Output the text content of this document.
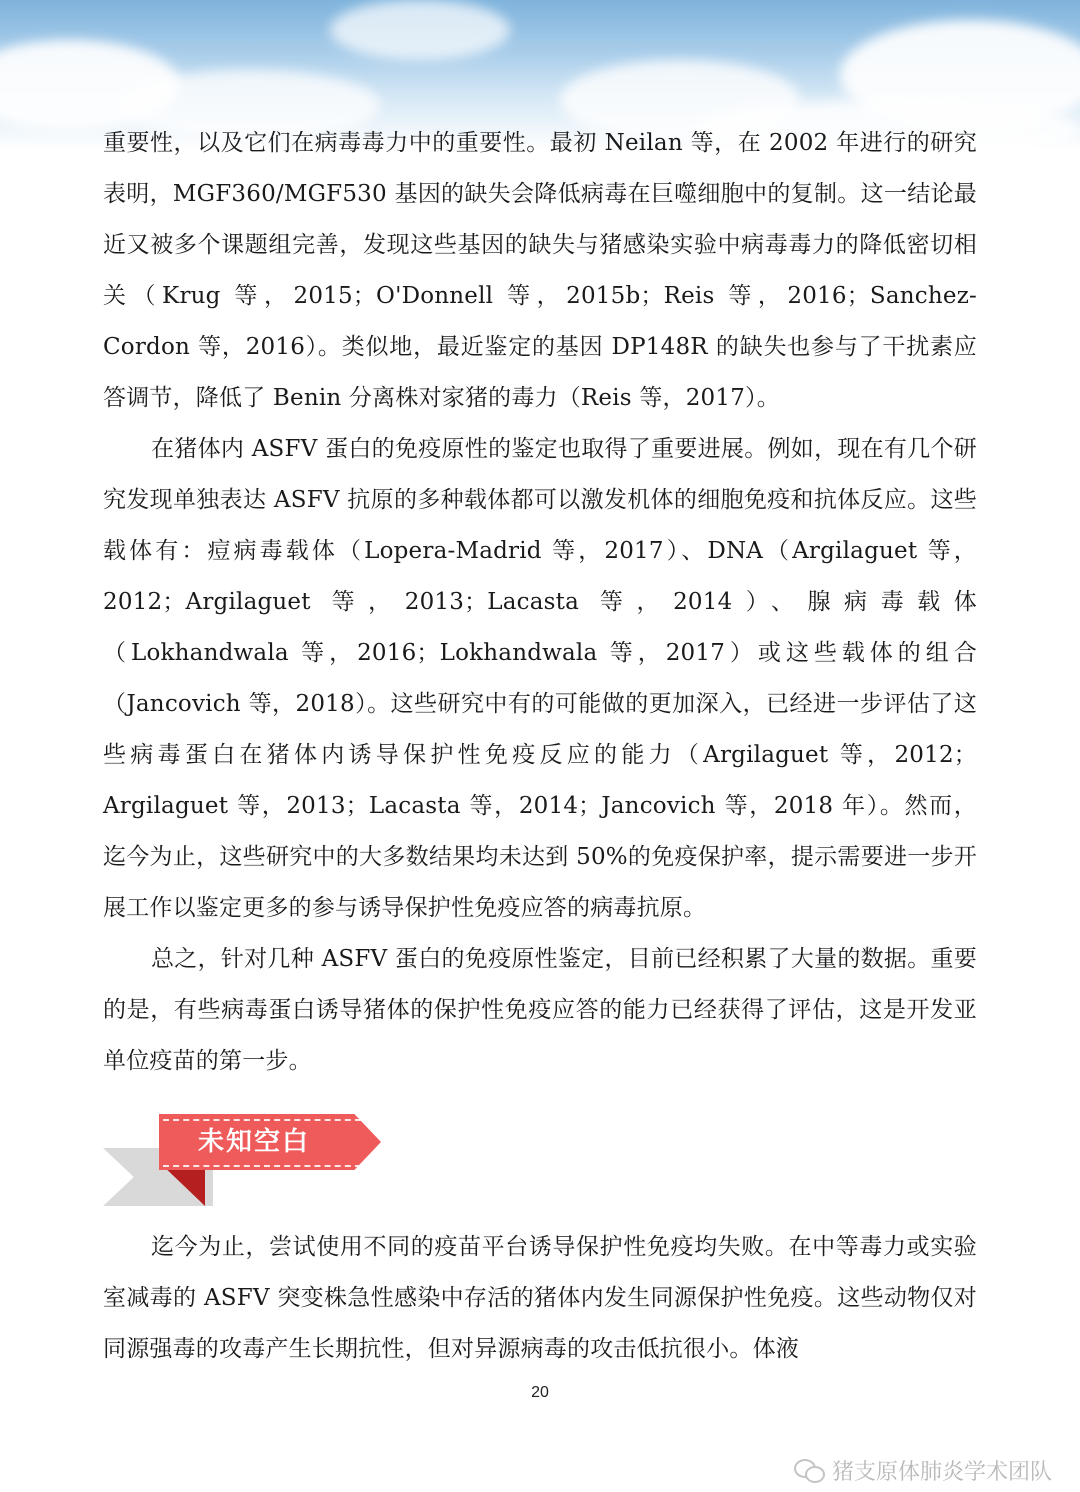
重要性，以及它们在病毒毒力中的重要性。最初 Neilan 等，在 2002 年进行的研究表明，MGF360/MGF530 基因的缺失会降低病毒在巨噬细胞中的复制。这一结论最近又被多个课题组完善，发现这些基因的缺失与猪感染实验中病毒毒力的降低密切相关（Krug 等，2015；O'Donnell 等，2015b；Reis 等，2016；Sanchez-Cordon 等，2016）。类似地，最近鉴定的基因 DP148R 的缺失也参与了干扰素应答调节，降低了 Benin 分离株对家猪的毒力（Reis 等，2017）。

在猪体内 ASFV 蛋白的免疫原性的鉴定也取得了重要进展。例如，现在有几个研究发现单独表达 ASFV 抗原的多种载体都可以激发机体的细胞免疫和抗体反应。这些载体有：痘病毒载体（Lopera-Madrid 等，2017）、DNA（Argilaguet 等，2012；Argilaguet 等，2013；Lacasta 等，2014）、腺病毒载体（Lokhandwala 等，2016；Lokhandwala 等，2017）或这些载体的组合（Jancovich 等，2018）。这些研究中有的可能做的更加深入，已经进一步评估了这些病毒蛋白在猪体内诱导保护性免疫反应的能力（Argilaguet 等，2012；Argilaguet 等，2013；Lacasta 等，2014；Jancovich 等，2018 年）。然而，迄今为止，这些研究中的大多数结果均未达到 50%的免疫保护率，提示需要进一步开展工作以鉴定更多的参与诱导保护性免疫应答的病毒抗原。

总之，针对几种 ASFV 蛋白的免疫原性鉴定，目前已经积累了大量的数据。重要的是，有些病毒蛋白诱导猪体的保护性免疫应答的能力已经获得了评估，这是开发亚单位疫苗的第一步。

未知空白

迄今为止，尝试使用不同的疫苗平台诱导保护性免疫均失败。在中等毒力或实验室减毒的 ASFV 突变株急性感染中存活的猪体内发生同源保护性免疫。这些动物仅对同源强毒的攻毒产生长期抗性，但对异源病毒的攻击低抗很小。体液

20
猪支原体肺炎学术团队
